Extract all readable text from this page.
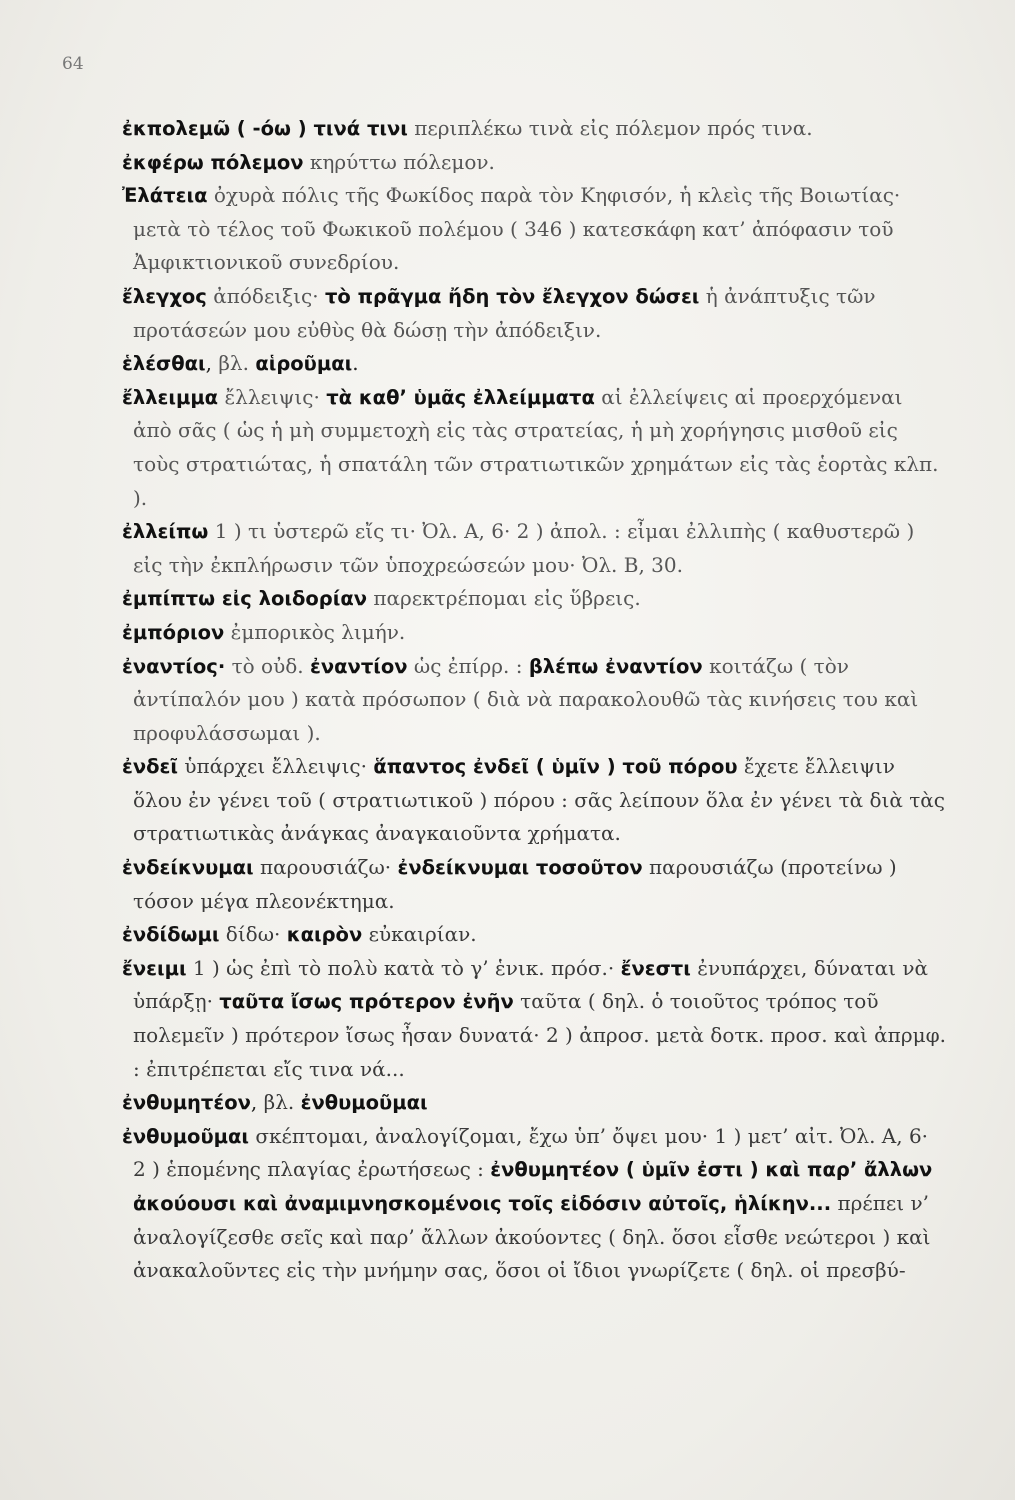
64

ἐκπολεμῶ ( -όω ) τινά τινι περιπλέκω τινὰ εἰς πόλεμον πρός τινα.

ἐκφέρω πόλεμον κηρύττω πόλεμον.

Ἐλάτεια ὀχυρὰ πόλις τῆς Φωκίδος παρὰ τὸν Κηφισόν, ἡ κλεὶς τῆς Βοιωτίας· μετὰ τὸ τέλος τοῦ Φωκικοῦ πολέμου ( 346 ) κατεσκάφη κατ’ ἀπόφασιν τοῦ Ἀμφικτιονικοῦ συνεδρίου.

ἔλεγχος ἀπόδειξις· τὸ πρᾶγμα ἤδη τὸν ἔλεγχον δώσει ἡ ἀνάπτυξις τῶν προτάσεών μου εὐθὺς θὰ δώσῃ τὴν ἀπόδειξιν.

ἑλέσθαι, βλ. αἱροῦμαι.

ἔλλειμμα ἔλλειψις· τὰ καθ’ ὑμᾶς ἐλλείμματα αἱ ἐλλείψεις αἱ προερχόμεναι ἀπὸ σᾶς ( ὡς ἡ μὴ συμμετοχὴ εἰς τὰς στρατείας, ἡ μὴ χορήγησις μισθοῦ εἰς τοὺς στρατιώτας, ἡ σπατάλη τῶν στρατιωτικῶν χρημάτων εἰς τὰς ἑορτὰς κλπ. ).

ἐλλείπω 1 ) τι ὑστερῶ εἴς τι· Ὀλ. Α, 6· 2 ) ἀπολ. : εἶμαι ἐλλιπὴς ( καθυστερῶ ) εἰς τὴν ἐκπλήρωσιν τῶν ὑποχρεώσεών μου· Ὀλ. Β, 30.

ἐμπίπτω εἰς λοιδορίαν παρεκτρέπομαι εἰς ὕβρεις.

ἐμπόριον ἐμπορικὸς λιμήν.

ἐναντίος· τὸ οὐδ. ἐναντίον ὡς ἐπίρρ. : βλέπω ἐναντίον κοιτάζω ( τὸν ἀντίπαλόν μου ) κατὰ πρόσωπον ( διὰ νὰ παρακολουθῶ τὰς κινήσεις του καὶ προφυλάσσωμαι ).

ἐνδεῖ ὑπάρχει ἔλλειψις· ἅπαντος ἐνδεῖ ( ὑμῖν ) τοῦ πόρου ἔχετε ἔλλειψιν ὅλου ἐν γένει τοῦ ( στρατιωτικοῦ ) πόρου : σᾶς λείπουν ὅλα ἐν γένει τὰ διὰ τὰς στρατιωτικὰς ἀνάγκας ἀναγκαιοῦντα χρήματα.

ἐνδείκνυμαι παρουσιάζω· ἐνδείκνυμαι τοσοῦτον παρουσιάζω (προτείνω ) τόσον μέγα πλεονέκτημα.

ἐνδίδωμι δίδω· καιρὸν εὐκαιρίαν.

ἔνειμι 1 ) ὡς ἐπὶ τὸ πολὺ κατὰ τὸ γ’ ἑνικ. πρόσ.· ἔνεστι ἐνυπάρχει, δύναται νὰ ὑπάρξῃ· ταῦτα ἴσως πρότερον ἐνῆν ταῦτα ( δηλ. ὁ τοιοῦτος τρόπος τοῦ πολεμεῖν ) πρότερον ἴσως ἦσαν δυνατά· 2 ) ἀπροσ. μετὰ δοτκ. προσ. καὶ ἀπρμφ. : ἐπιτρέπεται εἴς τινα νά...

ἐνθυμητέον, βλ. ἐνθυμοῦμαι

ἐνθυμοῦμαι σκέπτομαι, ἀναλογίζομαι, ἔχω ὑπ’ ὄψει μου· 1 ) μετ’ αἰτ. Ὀλ. Α, 6· 2 ) ἑπομένης πλαγίας ἐρωτήσεως : ἐνθυμητέον ( ὑμῖν ἐστι ) καὶ παρ’ ἄλλων ἀκούουσι καὶ ἀναμιμνησκομένοις τοῖς εἰδόσιν αὐτοῖς, ἡλίκην... πρέπει ν’ ἀναλογίζεσθε σεῖς καὶ παρ’ ἄλλων ἀκούοντες ( δηλ. ὅσοι εἶσθε νεώτεροι ) καὶ ἀνακαλοῦντες εἰς τὴν μνήμην σας, ὅσοι οἱ ἴδιοι γνωρίζετε ( δηλ. οἱ πρεσβύ-
